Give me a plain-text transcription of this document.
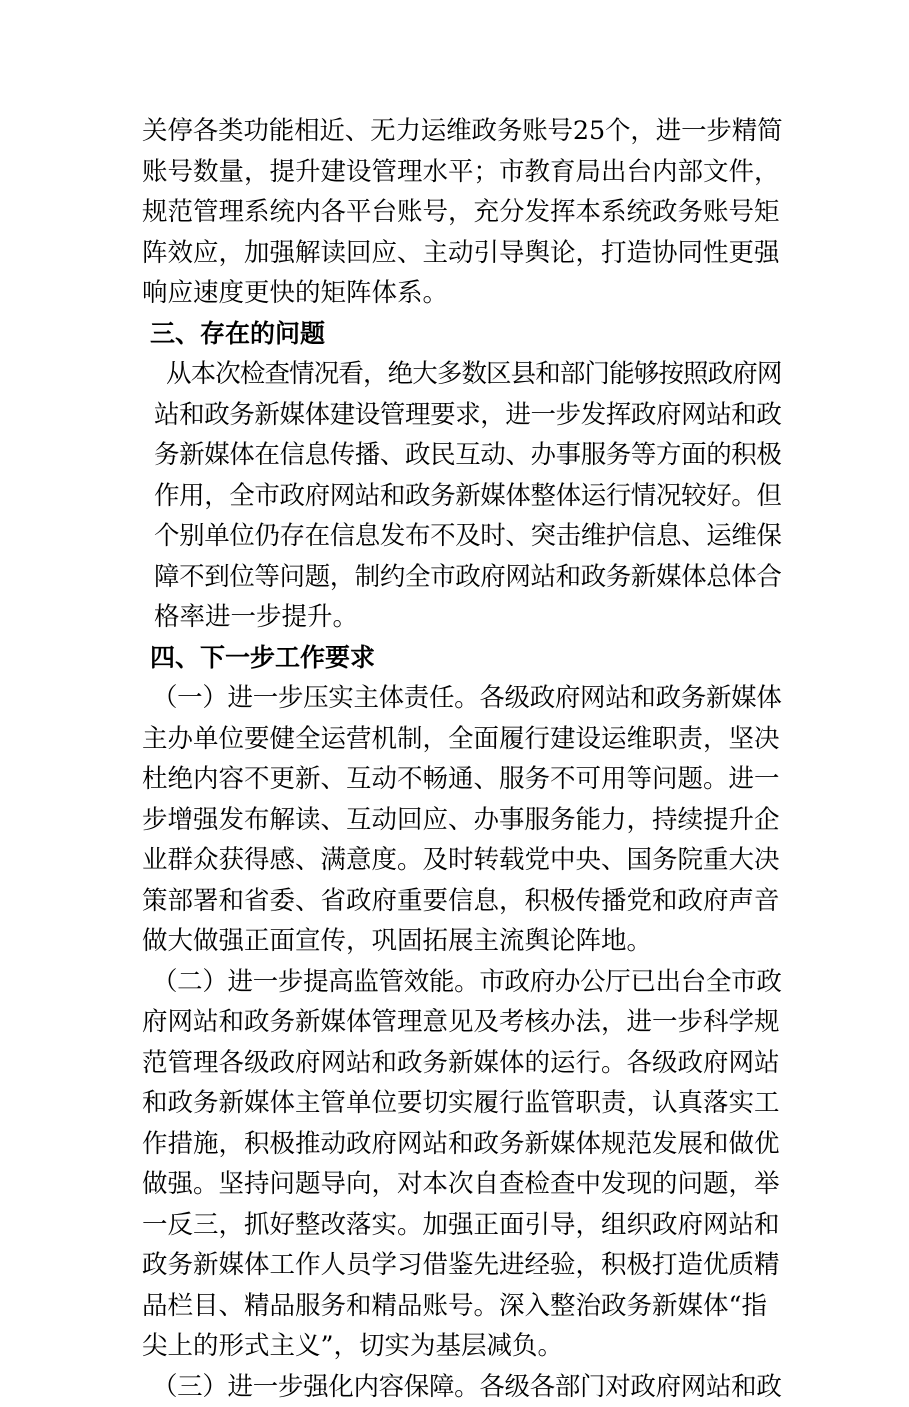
关停各类功能相近、无力运维政务账号25个，进一步精简
账号数量，提升建设管理水平；市教育局出台内部文件，
规范管理系统内各平台账号，充分发挥本系统政务账号矩
阵效应，加强解读回应、主动引导舆论，打造协同性更强
响应速度更快的矩阵体系。
三、存在的问题
从本次检查情况看，绝大多数区县和部门能够按照政府网
站和政务新媒体建设管理要求，进一步发挥政府网站和政
务新媒体在信息传播、政民互动、办事服务等方面的积极
作用，全市政府网站和政务新媒体整体运行情况较好。但
个别单位仍存在信息发布不及时、突击维护信息、运维保
障不到位等问题，制约全市政府网站和政务新媒体总体合
格率进一步提升。
四、下一步工作要求
（一）进一步压实主体责任。各级政府网站和政务新媒体
主办单位要健全运营机制，全面履行建设运维职责，坚决
杜绝内容不更新、互动不畅通、服务不可用等问题。进一
步增强发布解读、互动回应、办事服务能力，持续提升企
业群众获得感、满意度。及时转载党中央、国务院重大决
策部署和省委、省政府重要信息，积极传播党和政府声音
做大做强正面宣传，巩固拓展主流舆论阵地。
（二）进一步提高监管效能。市政府办公厅已出台全市政
府网站和政务新媒体管理意见及考核办法，进一步科学规
范管理各级政府网站和政务新媒体的运行。各级政府网站
和政务新媒体主管单位要切实履行监管职责，认真落实工
作措施，积极推动政府网站和政务新媒体规范发展和做优
做强。坚持问题导向，对本次自查检查中发现的问题，举
一反三，抓好整改落实。加强正面引导，组织政府网站和
政务新媒体工作人员学习借鉴先进经验，积极打造优质精
品栏目、精品服务和精品账号。深入整治政务新媒体“指
尖上的形式主义”，切实为基层减负。
（三）进一步强化内容保障。各级各部门对政府网站和政
